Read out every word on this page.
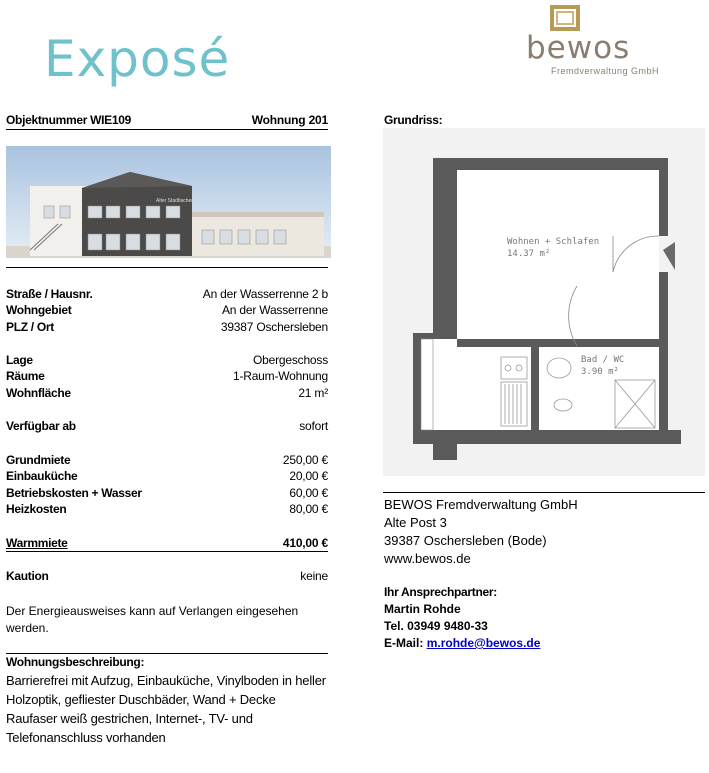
Exposé	bewos
Fremdverwaltung GmbH
Objektnummer WIE109	Wohnung 201
Alter Stadtlacher
Straße / Hausnr.	An der Wasserrenne 2 b
Wohngebiet	An der Wasserrenne
PLZ / Ort	39387 Oschersleben
Lage	Obergeschoss
Räume	1-Raum-Wohnung
Wohnfläche	21 m²
Verfügbar ab	sofort
Grundmiete	250,00 €
Einbauküche	20,00 €
Betriebskosten + Wasser	60,00 €
Heizkosten	80,00 €
Warmmiete	410,00 €
Kaution	keine
Der Energieausweises kann auf Verlangen eingesehen werden.
Wohnungsbeschreibung:
Barrierefrei mit Aufzug, Einbauküche, Vinylboden in heller Holzoptik, gefliester Duschbäder, Wand + Decke Raufaser weiß gestrichen, Internet-, TV- und Telefonanschluss vorhanden
Grundriss:
Wohnen + Schlafen
14.37 m²
Bad / WC
3.90 m²
BEWOS Fremdverwaltung GmbH
Alte Post 3
39387 Oschersleben (Bode)
www.bewos.de
Ihr Ansprechpartner:
Martin Rohde
Tel. 03949 9480-33
E-Mail: m.rohde@bewos.de
